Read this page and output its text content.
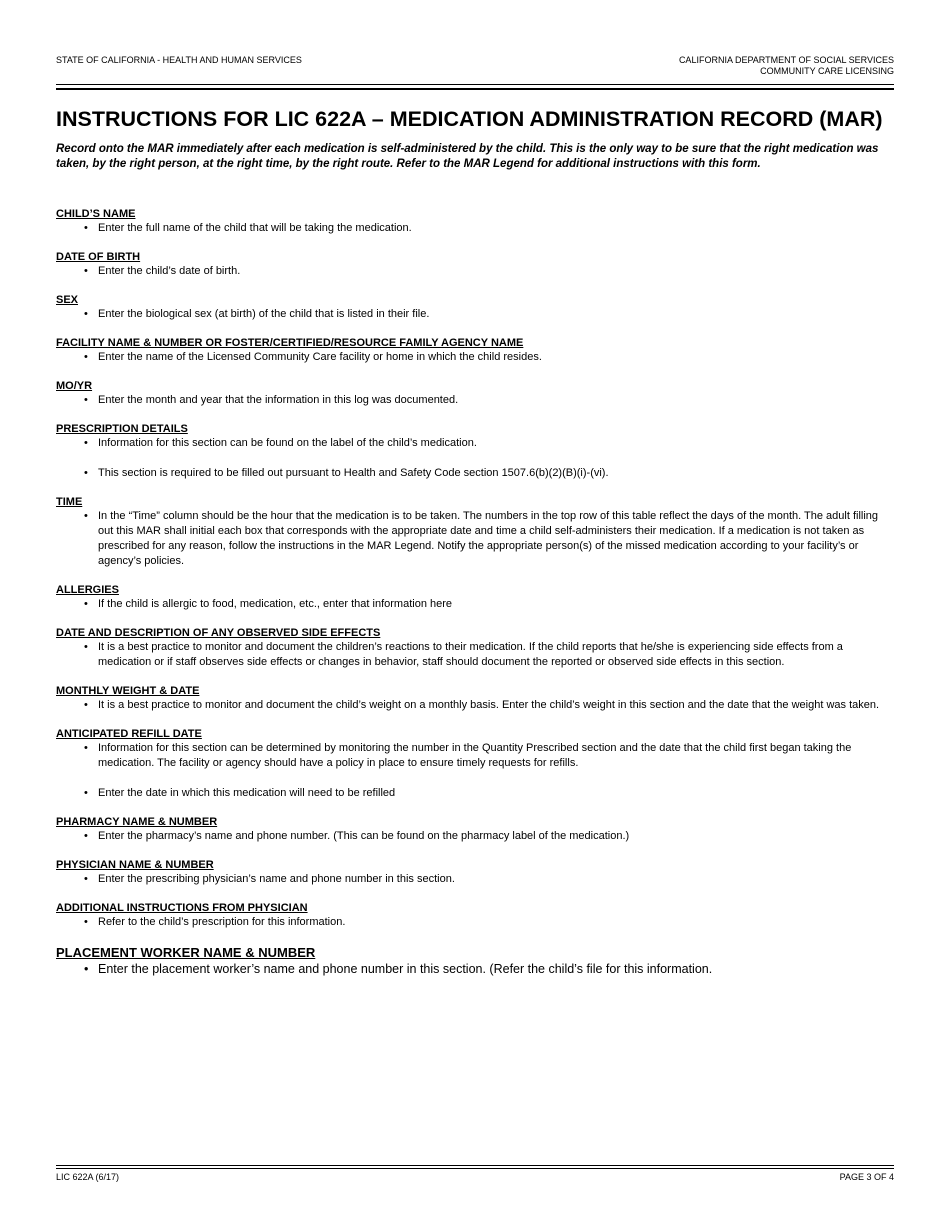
STATE OF CALIFORNIA - HEALTH AND HUMAN SERVICES	CALIFORNIA DEPARTMENT OF SOCIAL SERVICES
COMMUNITY CARE LICENSING
INSTRUCTIONS FOR LIC 622A – MEDICATION ADMINISTRATION RECORD (MAR)
Record onto the MAR immediately after each medication is self-administered by the child. This is the only way to be sure that the right medication was taken, by the right person, at the right time, by the right route. Refer to the MAR Legend for additional instructions with this form.
CHILD’S NAME
• Enter the full name of the child that will be taking the medication.
DATE OF BIRTH
• Enter the child’s date of birth.
SEX
• Enter the biological sex (at birth) of the child that is listed in their file.
FACILITY NAME & NUMBER OR FOSTER/CERTIFIED/RESOURCE FAMILY AGENCY NAME
• Enter the name of the Licensed Community Care facility or home in which the child resides.
MO/YR
• Enter the month and year that the information in this log was documented.
PRESCRIPTION DETAILS
• Information for this section can be found on the label of the child’s medication.
• This section is required to be filled out pursuant to Health and Safety Code section 1507.6(b)(2)(B)(i)-(vi).
TIME
• In the “Time” column should be the hour that the medication is to be taken. The numbers in the top row of this table reflect the days of the month. The adult filling out this MAR shall initial each box that corresponds with the appropriate date and time a child self-administers their medication. If a medication is not taken as prescribed for any reason, follow the instructions in the MAR Legend. Notify the appropriate person(s) of the missed medication according to your facility’s or agency’s policies.
ALLERGIES
• If the child is allergic to food, medication, etc., enter that information here
DATE AND DESCRIPTION OF ANY OBSERVED SIDE EFFECTS
• It is a best practice to monitor and document the children’s reactions to their medication. If the child reports that he/she is experiencing side effects from a medication or if staff observes side effects or changes in behavior, staff should document the reported or observed side effects in this section.
MONTHLY WEIGHT & DATE
• It is a best practice to monitor and document the child’s weight on a monthly basis. Enter the child’s weight in this section and the date that the weight was taken.
ANTICIPATED REFILL DATE
• Information for this section can be determined by monitoring the number in the Quantity Prescribed section and the date that the child first began taking the medication. The facility or agency should have a policy in place to ensure timely requests for refills.
• Enter the date in which this medication will need to be refilled
PHARMACY NAME & NUMBER
• Enter the pharmacy’s name and phone number. (This can be found on the pharmacy label of the medication.)
PHYSICIAN NAME & NUMBER
• Enter the prescribing physician’s name and phone number in this section.
ADDITIONAL INSTRUCTIONS FROM PHYSICIAN
• Refer to the child’s prescription for this information.
PLACEMENT WORKER NAME & NUMBER
• Enter the placement worker’s name and phone number in this section. (Refer the child’s file for this information.
LIC 622A (6/17)	PAGE 3 OF 4
